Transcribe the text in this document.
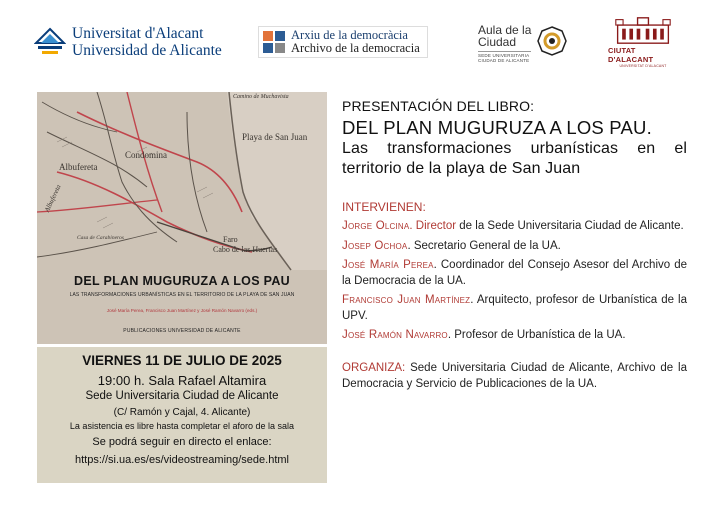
Universitat d'Alacant
Universidad de Alicante
Arxiu de la democràcia
Archivo de la democracia
Aula de la
Ciudad
SEDE UNIVERSITARIA
CIUDAD DE ALICANTE
CIUTAT D'ALACANT
UNIVERSITAT D'ALACANT
Camino de Muchavista
Playa de San Juan
Condomina
Albufereta
Albufereta
Faro
Cabo de las Huertas
Casa de Carabineros
DEL PLAN MUGURUZA A LOS PAU
LAS TRANSFORMACIONES URBANÍSTICAS EN EL TERRITORIO DE LA PLAYA DE SAN JUAN
José María Perea, Francisco Juan Martínez y José Ramón Navarro (eds.)
PUBLICACIONES UNIVERSIDAD DE ALICANTE
VIERNES 11 DE JULIO DE 2025
19:00 h. Sala Rafael Altamira
Sede Universitaria Ciudad de Alicante
(C/ Ramón y Cajal, 4. Alicante)
La asistencia es libre hasta completar el aforo de la sala
Se podrá seguir en directo el enlace:
https://si.ua.es/es/videostreaming/sede.html
PRESENTACIÓN DEL LIBRO:
DEL PLAN MUGURUZA A LOS PAU.
Las transformaciones urbanísticas en el territorio de la playa de San Juan
INTERVIENEN:
Jorge Olcina. Director de la Sede Universitaria Ciudad de Alicante.
Josep Ochoa. Secretario General de la UA.
José María Perea. Coordinador del Consejo Asesor del Archivo de la Democracia de la UA.
Francisco Juan Martínez. Arquitecto, profesor de Urbanística de la UPV.
José Ramón Navarro. Profesor de Urbanística de la UA.
ORGANIZA: Sede Universitaria Ciudad de Alicante, Archivo de la Democracia y Servicio de Publicaciones de la UA.
